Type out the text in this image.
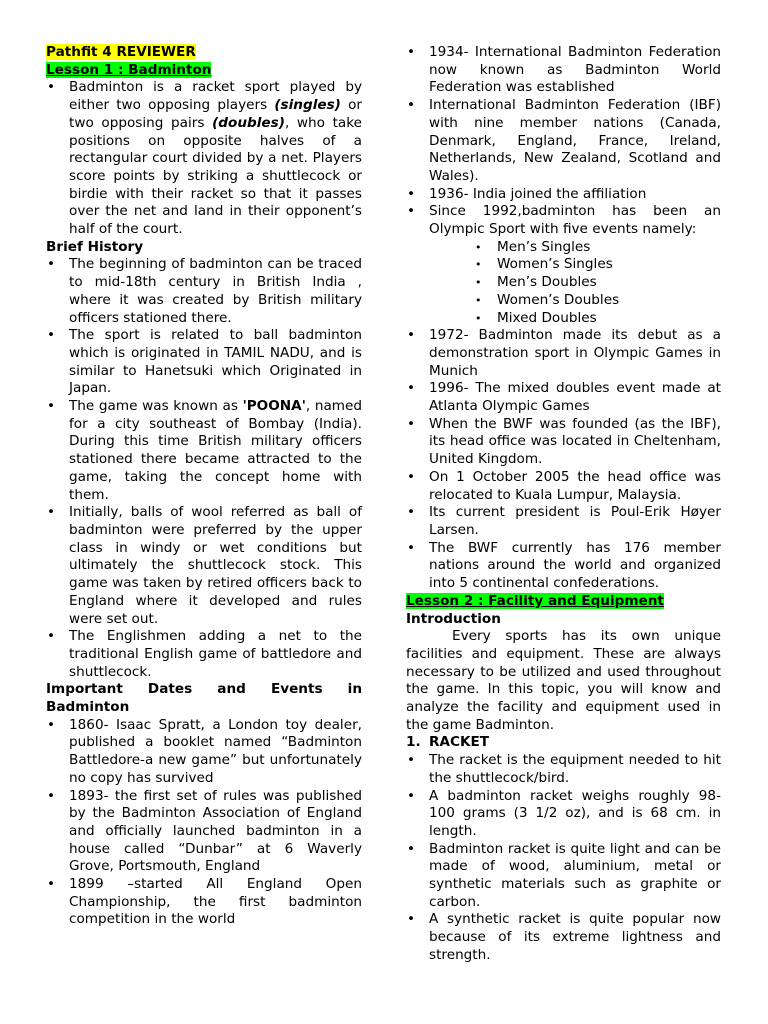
Pathfit 4 REVIEWER

Lesson 1 : Badminton

• Badminton is a racket sport played by either two opposing players (singles) or two opposing pairs (doubles), who take positions on opposite halves of a rectangular court divided by a net. Players score points by striking a shuttlecock or birdie with their racket so that it passes over the net and land in their opponent’s half of the court.

Brief History

• The beginning of badminton can be traced to mid-18th century in British India , where it was created by British military officers stationed there.
• The sport is related to ball badminton which is originated in TAMIL NADU, and is similar to Hanetsuki which Originated in Japan.
• The game was known as 'POONA', named for a city southeast of Bombay (India). During this time British military officers stationed there became attracted to the game, taking the concept home with them.
• Initially, balls of wool referred as ball of badminton were preferred by the upper class in windy or wet conditions but ultimately the shuttlecock stock. This game was taken by retired officers back to England where it developed and rules were set out.
• The Englishmen adding a net to the traditional English game of battledore and shuttlecock.

Important Dates and Events in Badminton

• 1860- Isaac Spratt, a London toy dealer, published a booklet named “Badminton Battledore-a new game” but unfortunately no copy has survived
• 1893- the first set of rules was published by the Badminton Association of England and officially launched badminton in a house called “Dunbar” at 6 Waverly Grove, Portsmouth, England
• 1899 –started All England Open Championship, the first badminton competition in the world
• 1934- International Badminton Federation now known as Badminton World Federation was established
• International Badminton Federation (IBF) with nine member nations (Canada, Denmark, England, France, Ireland, Netherlands, New Zealand, Scotland and Wales).
• 1936- India joined the affiliation
• Since 1992,badminton has been an Olympic Sport with five events namely:
• Men’s Singles
• Women’s Singles
• Men’s Doubles
• Women’s Doubles
• Mixed Doubles
• 1972- Badminton made its debut as a demonstration sport in Olympic Games in Munich
• 1996- The mixed doubles event made at Atlanta Olympic Games
• When the BWF was founded (as the IBF), its head office was located in Cheltenham, United Kingdom.
• On 1 October 2005 the head office was relocated to Kuala Lumpur, Malaysia.
• Its current president is Poul-Erik Høyer Larsen.
• The BWF currently has 176 member nations around the world and organized into 5 continental confederations.

Lesson 2 : Facility and Equipment

Introduction

Every sports has its own unique facilities and equipment. These are always necessary to be utilized and used throughout the game. In this topic, you will know and analyze the facility and equipment used in the game Badminton.

1. RACKET

• The racket is the equipment needed to hit the shuttlecock/bird.
• A badminton racket weighs roughly 98-100 grams (3 1/2 oz), and is 68 cm. in length.
• Badminton racket is quite light and can be made of wood, aluminium, metal or synthetic materials such as graphite or carbon.
• A synthetic racket is quite popular now because of its extreme lightness and strength.
